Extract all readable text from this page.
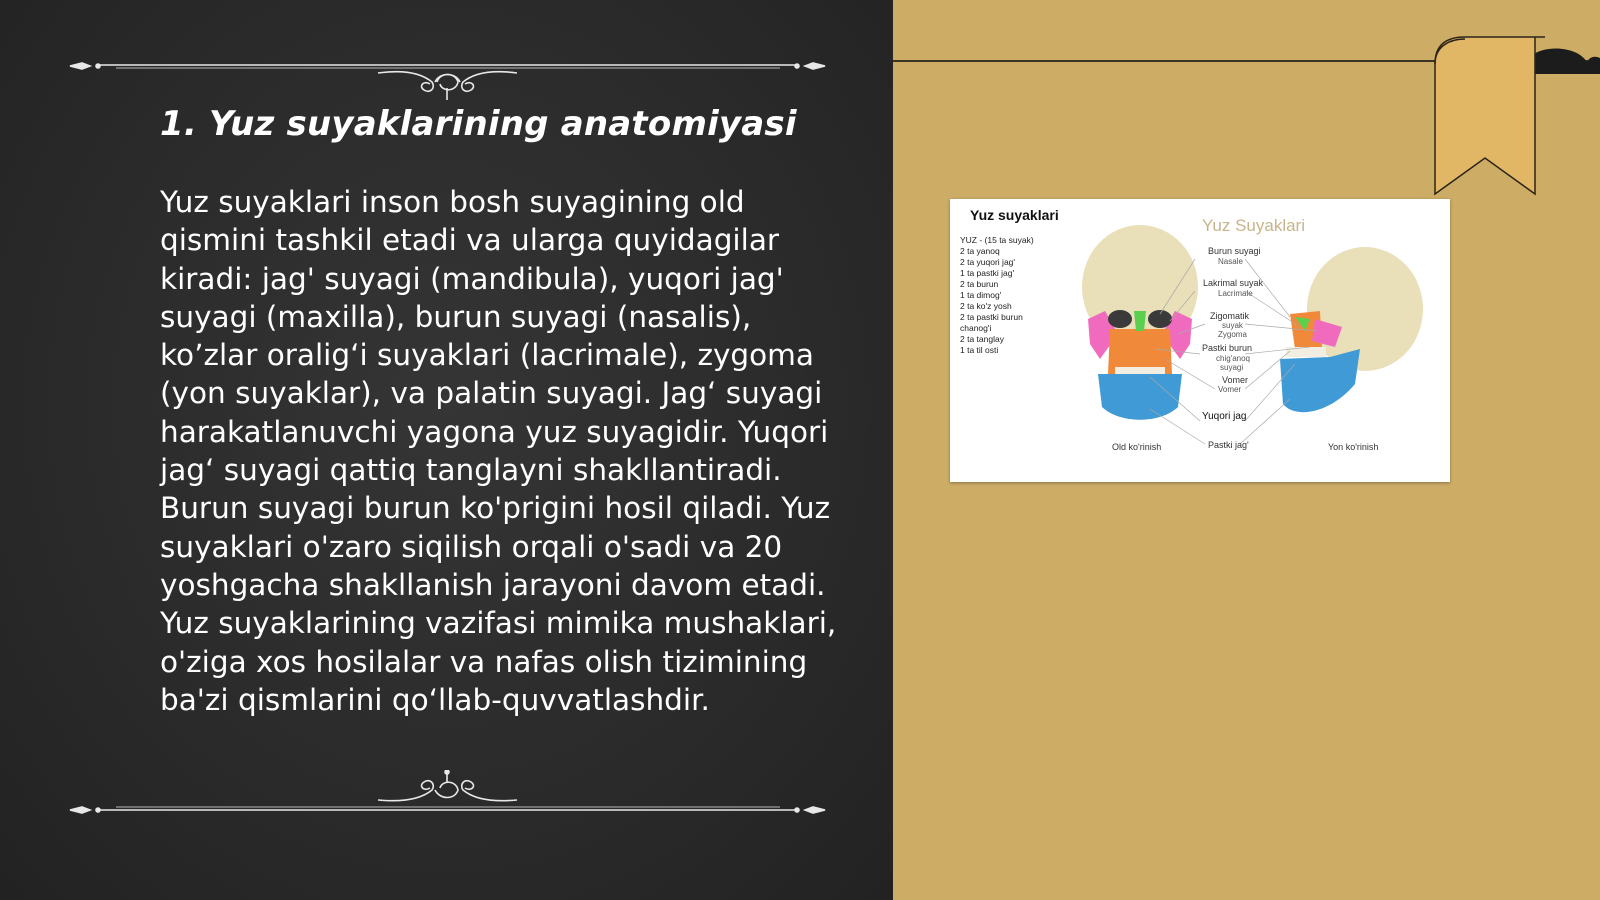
1. Yuz suyaklarining anatomiyasi

Yuz suyaklari inson bosh suyagining old qismini tashkil etadi va ularga quyidagilar kiradi: jag' suyagi (mandibula), yuqori jag' suyagi (maxilla), burun suyagi (nasalis), ko’zlar oralig‘i suyaklari (lacrimale), zygoma (yon suyaklar), va palatin suyagi. Jag‘ suyagi harakatlanuvchi yagona yuz suyagidir. Yuqori jag‘ suyagi qattiq tanglayni shakllantiradi. Burun suyagi burun ko'prigini hosil qiladi. Yuz suyaklari o'zaro siqilish orqali o'sadi va 20 yoshgacha shakllanish jarayoni davom etadi. Yuz suyaklarining vazifasi mimika mushaklari, o'ziga xos hosilalar va nafas olish tizimining ba'zi qismlarini qo‘llab-quvvatlashdir.

Yuz suyaklari
Yuz Suyaklari
YUZ - (15 ta suyak)
2 ta yanoq
2 ta yuqori jag'
1 ta pastki jag'
2 ta burun
1 ta dimog'
2 ta ko'z yosh
2 ta pastki burun
chanog'i
2 ta tanglay
1 ta til osti
Burun suyagi
Nasale
Lakrimal suyak
Lacrimale
Zigomatik
suyak
Zygoma
Pastki burun
chig'anoq
suyagi
Vomer
Vomer
Yuqori jag
Pastki jag'
Old ko'rinish	Yon ko'rinish
